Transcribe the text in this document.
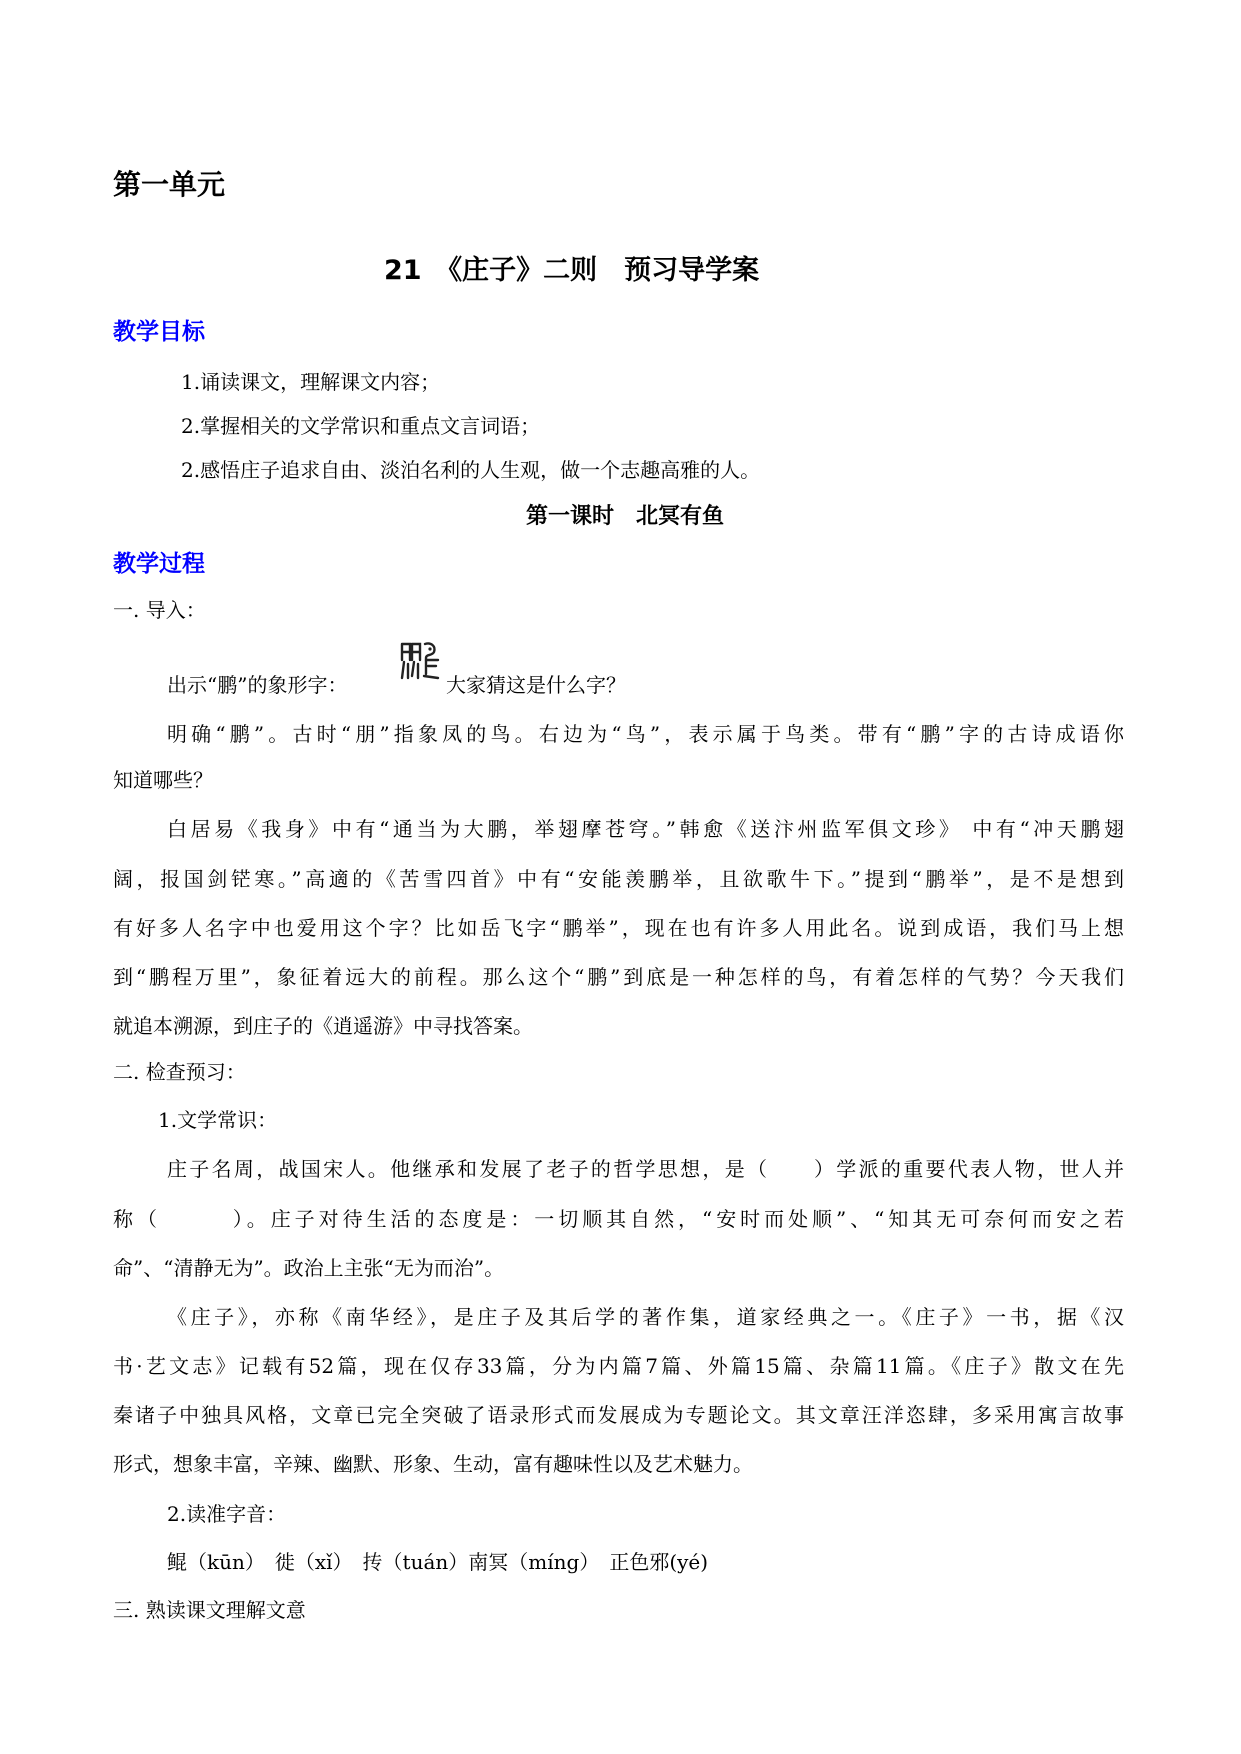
第一单元
21　《庄子》二则　预习导学案
教学目标
1.诵读课文，理解课文内容；
2.掌握相关的文学常识和重点文言词语；
2.感悟庄子追求自由、淡泊名利的人生观，做一个志趣高雅的人。
第一课时　北冥有鱼
教学过程
一. 导入：
出示“鹏”的象形字：	大家猜这是什么字？
明确“鹏”。古时“朋”指象凤的鸟。右边为“鸟”，表示属于鸟类。带有“鹏”字的古诗成语你
知道哪些？
白居易《我身》中有“通当为大鹏，举翅摩苍穹。”韩愈《送汴州监军俱文珍》 中有“冲天鹏翅
阔，报国剑铓寒。”高適的《苦雪四首》中有“安能羡鹏举，且欲歌牛下。”提到“鹏举”，是不是想到
有好多人名字中也爱用这个字？比如岳飞字“鹏举”，现在也有许多人用此名。说到成语，我们马上想
到“鹏程万里”，象征着远大的前程。那么这个“鹏”到底是一种怎样的鸟，有着怎样的气势？今天我们
就追本溯源，到庄子的《逍遥游》中寻找答案。
二. 检查预习：
1.文学常识：
庄子名周，战国宋人。他继承和发展了老子的哲学思想，是（　　）学派的重要代表人物，世人并
称（　　　）。庄子对待生活的态度是：一切顺其自然，“安时而处顺”、“知其无可奈何而安之若
命”、“清静无为”。政治上主张“无为而治”。
《庄子》，亦称《南华经》，是庄子及其后学的著作集，道家经典之一。《庄子》一书，据《汉
书·艺文志》记载有52篇，现在仅存33篇，分为内篇7篇、外篇15篇、杂篇11篇。《庄子》散文在先
秦诸子中独具风格，文章已完全突破了语录形式而发展成为专题论文。其文章汪洋恣肆，多采用寓言故事
形式，想象丰富，辛辣、幽默、形象、生动，富有趣味性以及艺术魅力。
2.读准字音：
鲲（kūn）　徙（xǐ）　抟（tuán）南冥（míng）　正色邪(yé)
三. 熟读课文理解文意
